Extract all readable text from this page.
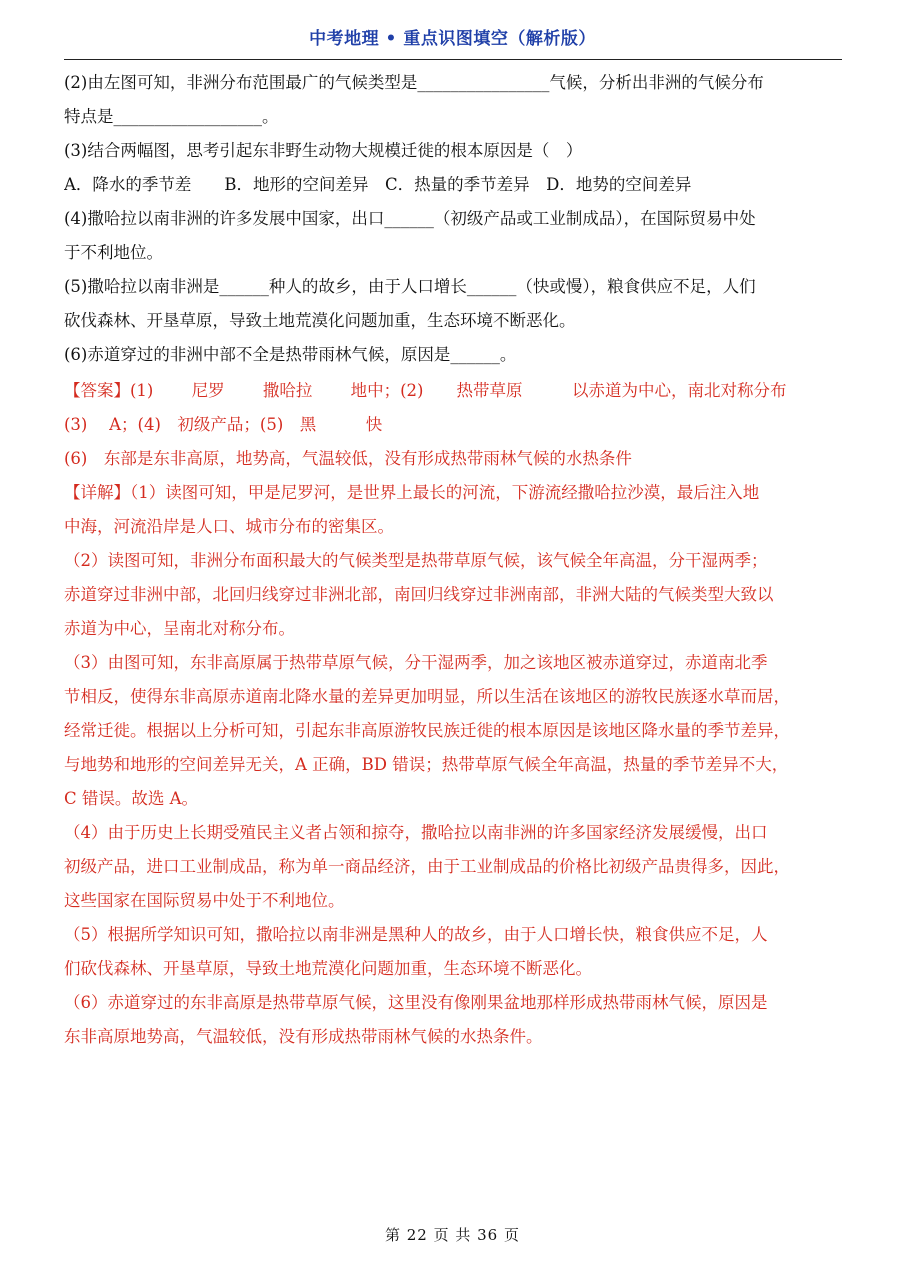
中考地理 • 重点识图填空（解析版）
(2)由左图可知，非洲分布范围最广的气候类型是________________气候，分析出非洲的气候分布
特点是__________________。
(3)结合两幅图，思考引起东非野生动物大规模迁徙的根本原因是（　）
A．降水的季节差　　B．地形的空间差异　C．热量的季节差异　D．地势的空间差异
(4)撒哈拉以南非洲的许多发展中国家，出口______（初级产品或工业制成品），在国际贸易中处
于不利地位。
(5)撒哈拉以南非洲是______种人的故乡，由于人口增长______（快或慢），粮食供应不足，人们
砍伐森林、开垦草原，导致土地荒漠化问题加重，生态环境不断恶化。
(6)赤道穿过的非洲中部不全是热带雨林气候，原因是______。
【答案】(1)　　 尼罗　　 撒哈拉　　 地中；(2)　　热带草原　　　以赤道为中心，南北对称分布
(3)　 A；(4)　初级产品；(5)　黑　　　快
(6)　东部是东非高原，地势高，气温较低，没有形成热带雨林气候的水热条件
【详解】（1）读图可知，甲是尼罗河，是世界上最长的河流，下游流经撒哈拉沙漠，最后注入地
中海，河流沿岸是人口、城市分布的密集区。
（2）读图可知，非洲分布面积最大的气候类型是热带草原气候，该气候全年高温，分干湿两季；
赤道穿过非洲中部，北回归线穿过非洲北部，南回归线穿过非洲南部，非洲大陆的气候类型大致以
赤道为中心，呈南北对称分布。
（3）由图可知，东非高原属于热带草原气候，分干湿两季，加之该地区被赤道穿过，赤道南北季
节相反，使得东非高原赤道南北降水量的差异更加明显，所以生活在该地区的游牧民族逐水草而居，
经常迁徙。根据以上分析可知，引起东非高原游牧民族迁徙的根本原因是该地区降水量的季节差异，
与地势和地形的空间差异无关，A 正确，BD 错误；热带草原气候全年高温，热量的季节差异不大，
C 错误。故选 A。
（4）由于历史上长期受殖民主义者占领和掠夺，撒哈拉以南非洲的许多国家经济发展缓慢，出口
初级产品，进口工业制成品，称为单一商品经济，由于工业制成品的价格比初级产品贵得多，因此，
这些国家在国际贸易中处于不利地位。
（5）根据所学知识可知，撒哈拉以南非洲是黑种人的故乡，由于人口增长快，粮食供应不足，人
们砍伐森林、开垦草原，导致土地荒漠化问题加重，生态环境不断恶化。
（6）赤道穿过的东非高原是热带草原气候，这里没有像刚果盆地那样形成热带雨林气候，原因是
东非高原地势高，气温较低，没有形成热带雨林气候的水热条件。
第 22 页 共 36 页
